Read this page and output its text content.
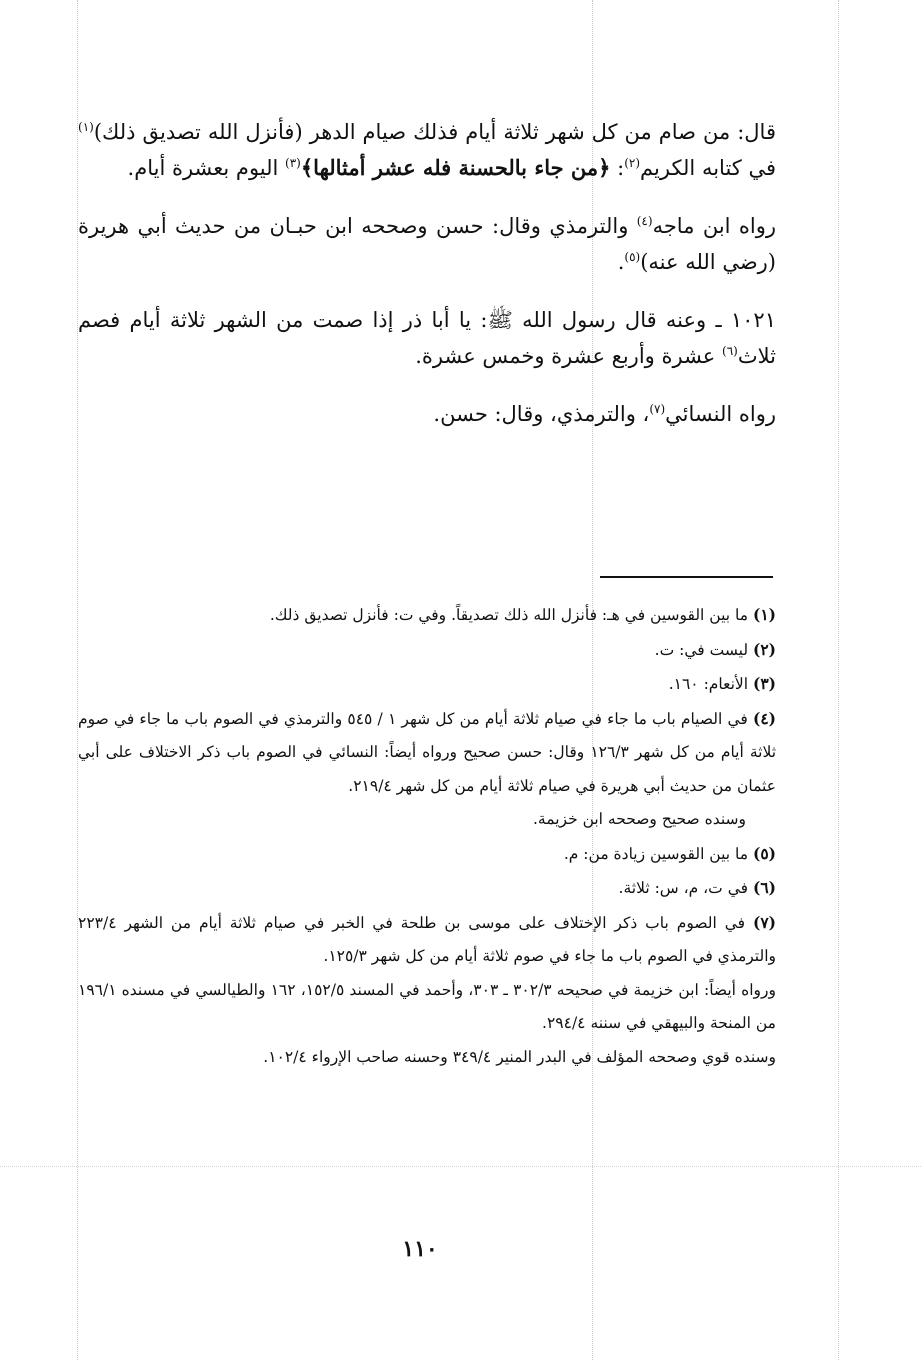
قال: من صام من كل شهر ثلاثة أيام فذلك صيام الدهر (فأنزل الله تصديق ذلك)$^{(١)}$ في كتابه الكريم$^{(٢)}$: ﴿من جاء بالحسنة فله عشر أمثالها﴾$^{(٣)}$ اليوم بعشرة أيام.

رواه ابن ماجه$^{(٤)}$ والترمذي وقال: حسن وصححه ابن حبـان من حديث أبي هريرة (رضي الله عنه)$^{(٥)}$.

١٠٢١ ـ وعنه قال رسول الله ﷺ: يا أبا ذر إذا صمت من الشهر ثلاثة أيام فصم ثلاث$^{(٦)}$ عشرة وأربع عشرة وخمس عشرة.

رواه النسائي$^{(٧)}$، والترمذي، وقال: حسن.

(١) ما بين القوسين في هـ: فأنزل الله ذلك تصديقاً. وفي ت: فأنزل تصديق ذلك.

(٢) ليست في: ت.

(٣) الأنعام: ١٦٠.

(٤) في الصيام باب ما جاء في صيام ثلاثة أيام من كل شهر ١ / ٥٤٥ والترمذي في الصوم باب ما جاء في صوم ثلاثة أيام من كل شهر ١٢٦/٣ وقال: حسن صحيح ورواه أيضاً: النسائي في الصوم باب ذكر الاختلاف على أبي عثمان من حديث أبي هريرة في صيام ثلاثة أيام من كل شهر ٢١٩/٤.

وسنده صحيح وصححه ابن خزيمة.

(٥) ما بين القوسين زيادة من: م.

(٦) في ت، م، س: ثلاثة.

(٧) في الصوم باب ذكر الإختلاف على موسى بن طلحة في الخبر في صيام ثلاثة أيام من الشهر ٢٢٣/٤ والترمذي في الصوم باب ما جاء في صوم ثلاثة أيام من كل شهر ١٢٥/٣.

ورواه أيضاً: ابن خزيمة في صحيحه ٣٠٢/٣ ـ ٣٠٣، وأحمد في المسند ١٥٢/٥، ١٦٢ والطيالسي في مسنده ١٩٦/١ من المنحة والبيهقي في سننه ٢٩٤/٤.

وسنده قوي وصححه المؤلف في البدر المنير ٣٤٩/٤ وحسنه صاحب الإرواء ١٠٢/٤.

١١٠
